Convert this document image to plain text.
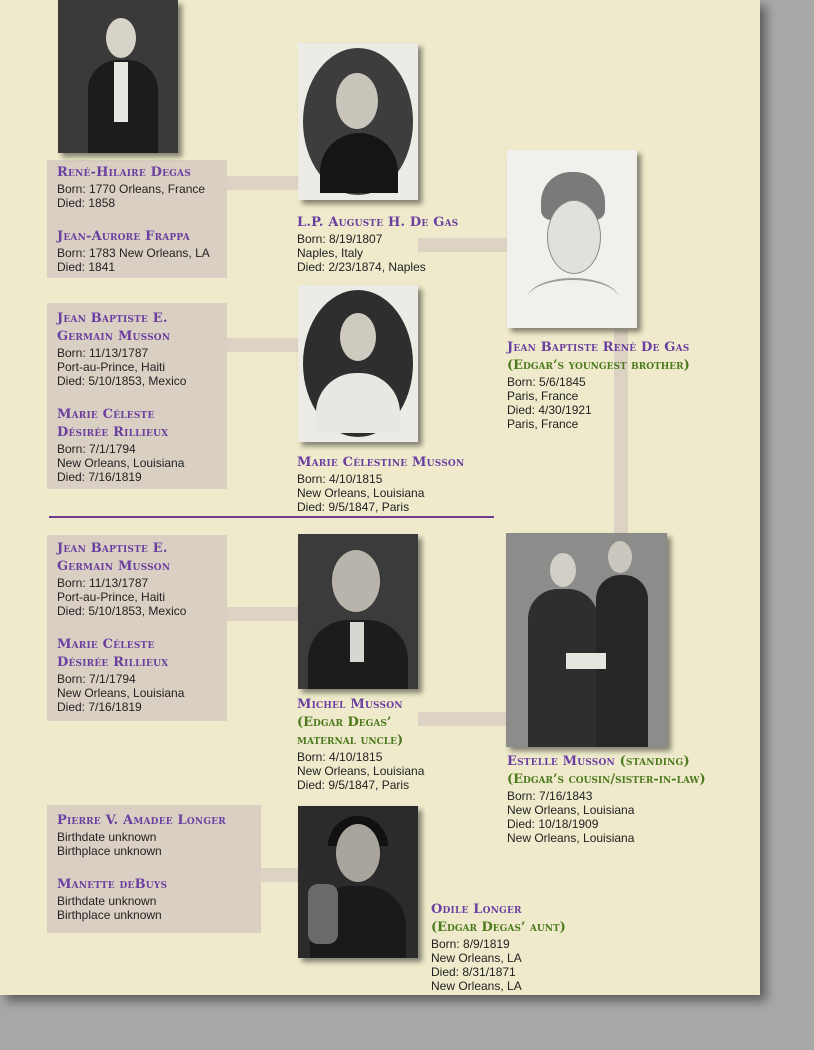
René-Hilaire Degas
Born: 1770 Orleans, France
Died: 1858
Jean-Aurore Frappa
Born: 1783 New Orleans, LA
Died: 1841
L.P. Auguste H. De Gas
Born: 8/19/1807
Naples, Italy
Died: 2/23/1874, Naples
Jean Baptiste E.
Germain Musson
Born: 11/13/1787
Port-au-Prince, Haiti
Died: 5/10/1853, Mexico
Marie Céleste
Désirée Rillieux
Born: 7/1/1794
New Orleans, Louisiana
Died: 7/16/1819
Marie Célestine Musson
Born: 4/10/1815
New Orleans, Louisiana
Died: 9/5/1847, Paris
Jean Baptiste René De Gas
(Edgar’s youngest brother)
Born: 5/6/1845
Paris, France
Died: 4/30/1921
Paris, France
Jean Baptiste E.
Germain Musson
Born: 11/13/1787
Port-au-Prince, Haiti
Died: 5/10/1853, Mexico
Marie Céleste
Désirée Rillieux
Born: 7/1/1794
New Orleans, Louisiana
Died: 7/16/1819	Michel Musson
(Edgar Degas’
maternal uncle)
Born: 4/10/1815
New Orleans, Louisiana
Died: 9/5/1847, Paris
Estelle Musson (standing)
(Edgar’s cousin/sister-in-law)
Born: 7/16/1843
New Orleans, Louisiana
Died: 10/18/1909
New Orleans, Louisiana
Pierre V. Amadee Longer
Birthdate unknown
Birthplace unknown
Manette deBuys
Birthdate unknown
Birthplace unknown	Odile Longer
(Edgar Degas’ aunt)
Born: 8/9/1819
New Orleans, LA
Died: 8/31/1871
New Orleans, LA
